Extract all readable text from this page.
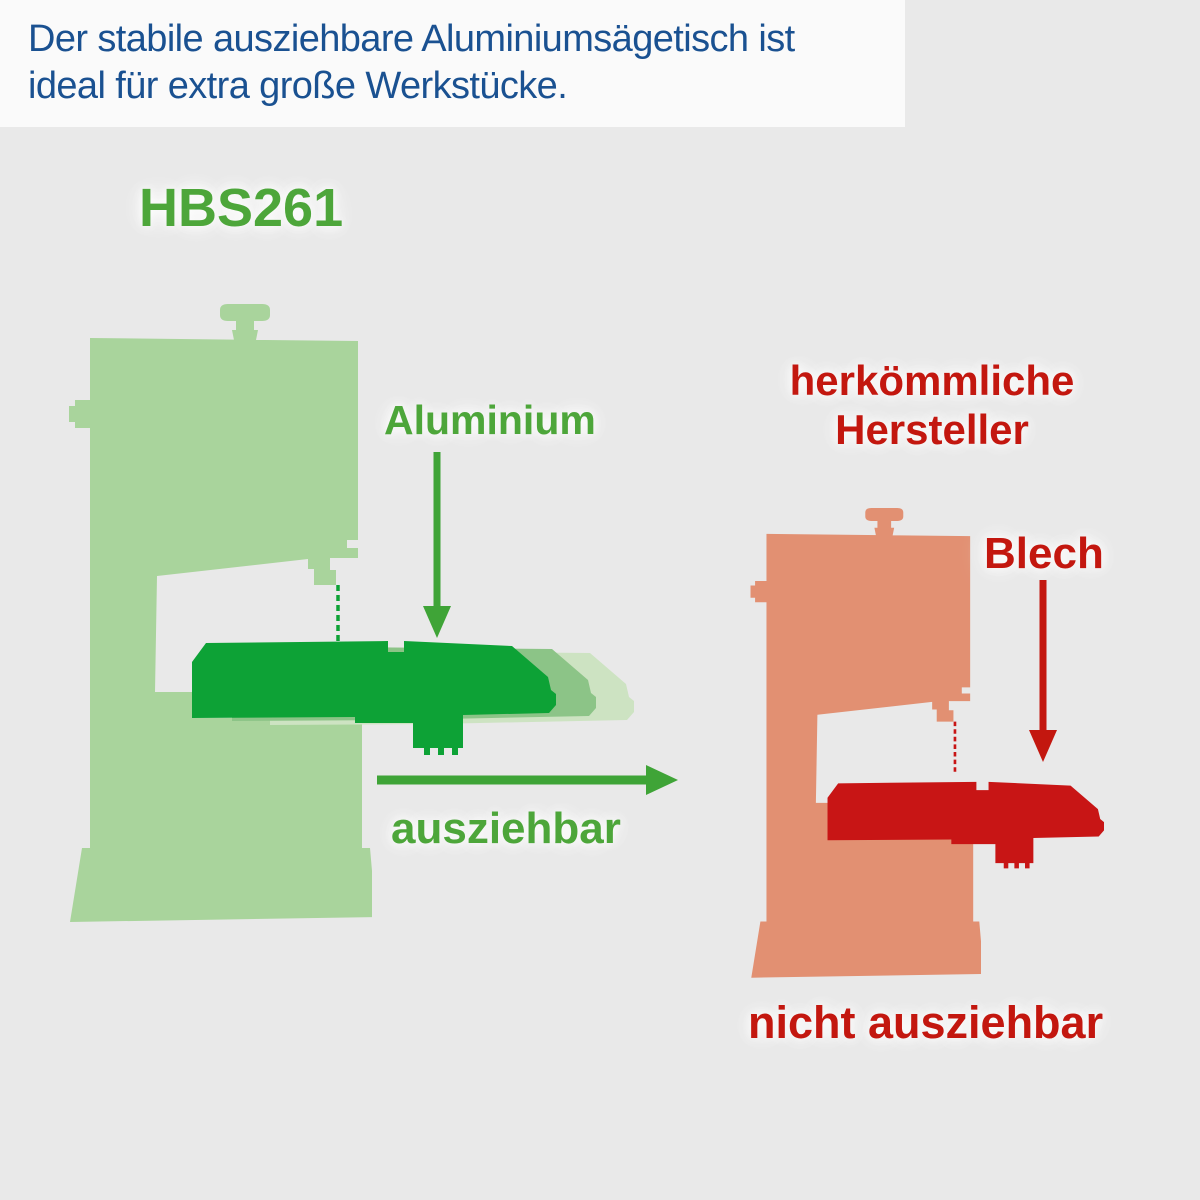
Der stabile ausziehbare Aluminiumsägetisch ist
ideal für extra große Werkstücke.
HBS261
Aluminium
ausziehbar
herkömmliche Hersteller
Blech
nicht ausziehbar
